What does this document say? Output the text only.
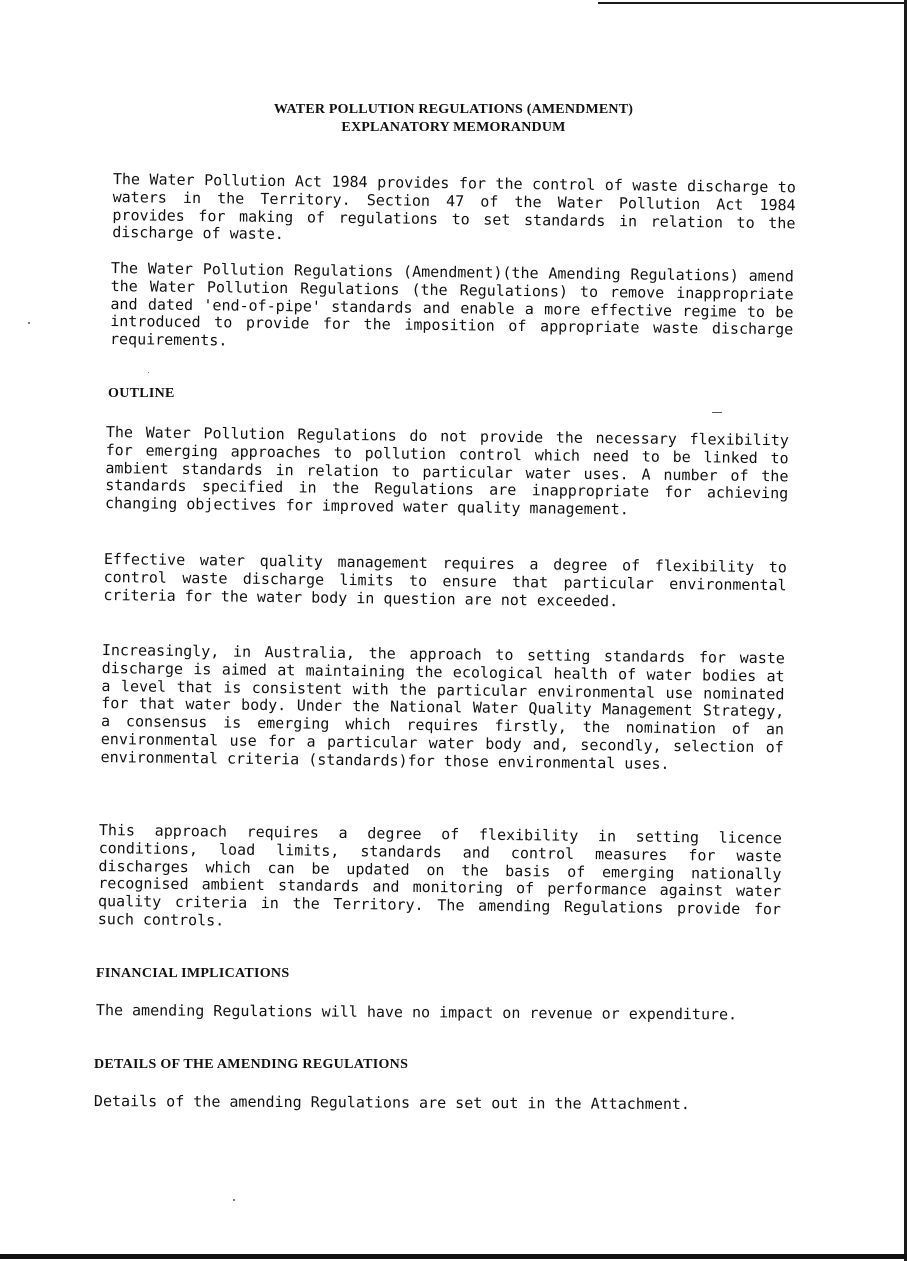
WATER POLLUTION REGULATIONS (AMENDMENT)
EXPLANATORY MEMORANDUM

The Water Pollution Act 1984 provides for the control of waste discharge to waters in the Territory. Section 47 of the Water Pollution Act 1984 provides for making of regulations to set standards in relation to the discharge of waste.

The Water Pollution Regulations (Amendment)(the Amending Regulations) amend the Water Pollution Regulations (the Regulations) to remove inappropriate and dated 'end-of-pipe' standards and enable a more effective regime to be introduced to provide for the imposition of appropriate waste discharge requirements.

OUTLINE

The Water Pollution Regulations do not provide the necessary flexibility for emerging approaches to pollution control which need to be linked to ambient standards in relation to particular water uses. A number of the standards specified in the Regulations are inappropriate for achieving changing objectives for improved water quality management.

Effective water quality management requires a degree of flexibility to control waste discharge limits to ensure that particular environmental criteria for the water body in question are not exceeded.

Increasingly, in Australia, the approach to setting standards for waste discharge is aimed at maintaining the ecological health of water bodies at a level that is consistent with the particular environmental use nominated for that water body. Under the National Water Quality Management Strategy, a consensus is emerging which requires firstly, the nomination of an environmental use for a particular water body and, secondly, selection of environmental criteria (standards)for those environmental uses.

This approach requires a degree of flexibility in setting licence conditions, load limits, standards and control measures for waste discharges which can be updated on the basis of emerging nationally recognised ambient standards and monitoring of performance against water quality criteria in the Territory. The amending Regulations provide for such controls.

FINANCIAL IMPLICATIONS

The amending Regulations will have no impact on revenue or expenditure.

DETAILS OF THE AMENDING REGULATIONS

Details of the amending Regulations are set out in the Attachment.
